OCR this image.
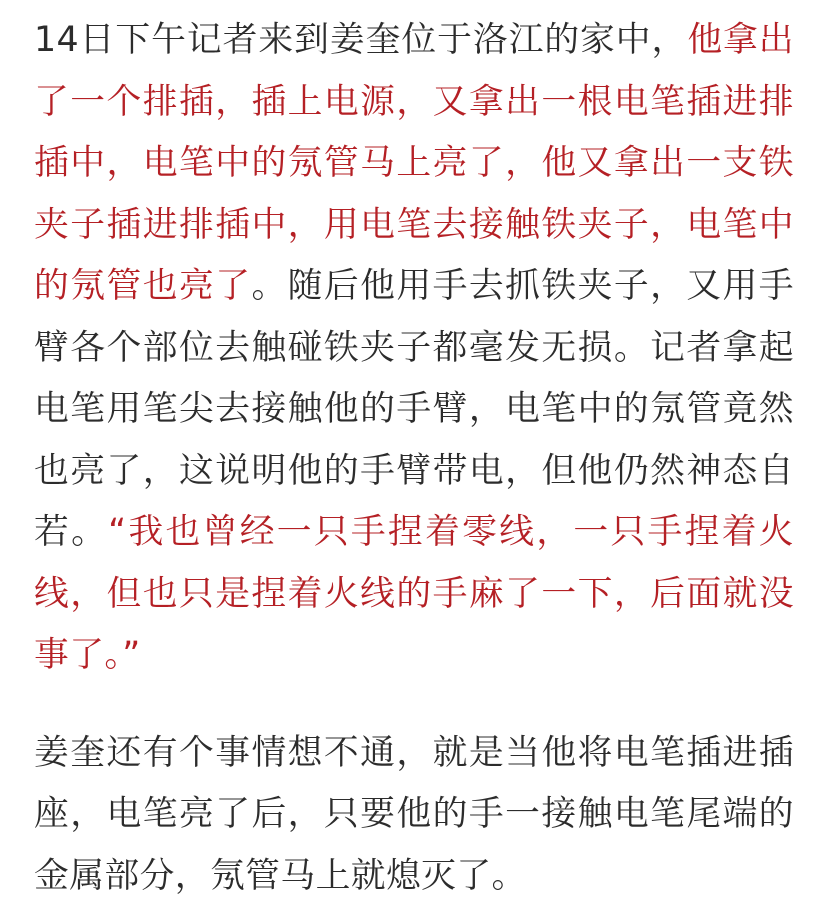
14日下午记者来到姜奎位于洛江的家中，他拿出了一个排插，插上电源，又拿出一根电笔插进排插中，电笔中的氖管马上亮了，他又拿出一支铁夹子插进排插中，用电笔去接触铁夹子，电笔中的氖管也亮了。随后他用手去抓铁夹子，又用手臂各个部位去触碰铁夹子都毫发无损。记者拿起电笔用笔尖去接触他的手臂，电笔中的氖管竟然也亮了，这说明他的手臂带电，但他仍然神态自若。“我也曾经一只手捏着零线，一只手捏着火线，但也只是捏着火线的手麻了一下，后面就没事了。”

姜奎还有个事情想不通，就是当他将电笔插进插座，电笔亮了后，只要他的手一接触电笔尾端的金属部分，氖管马上就熄灭了。
